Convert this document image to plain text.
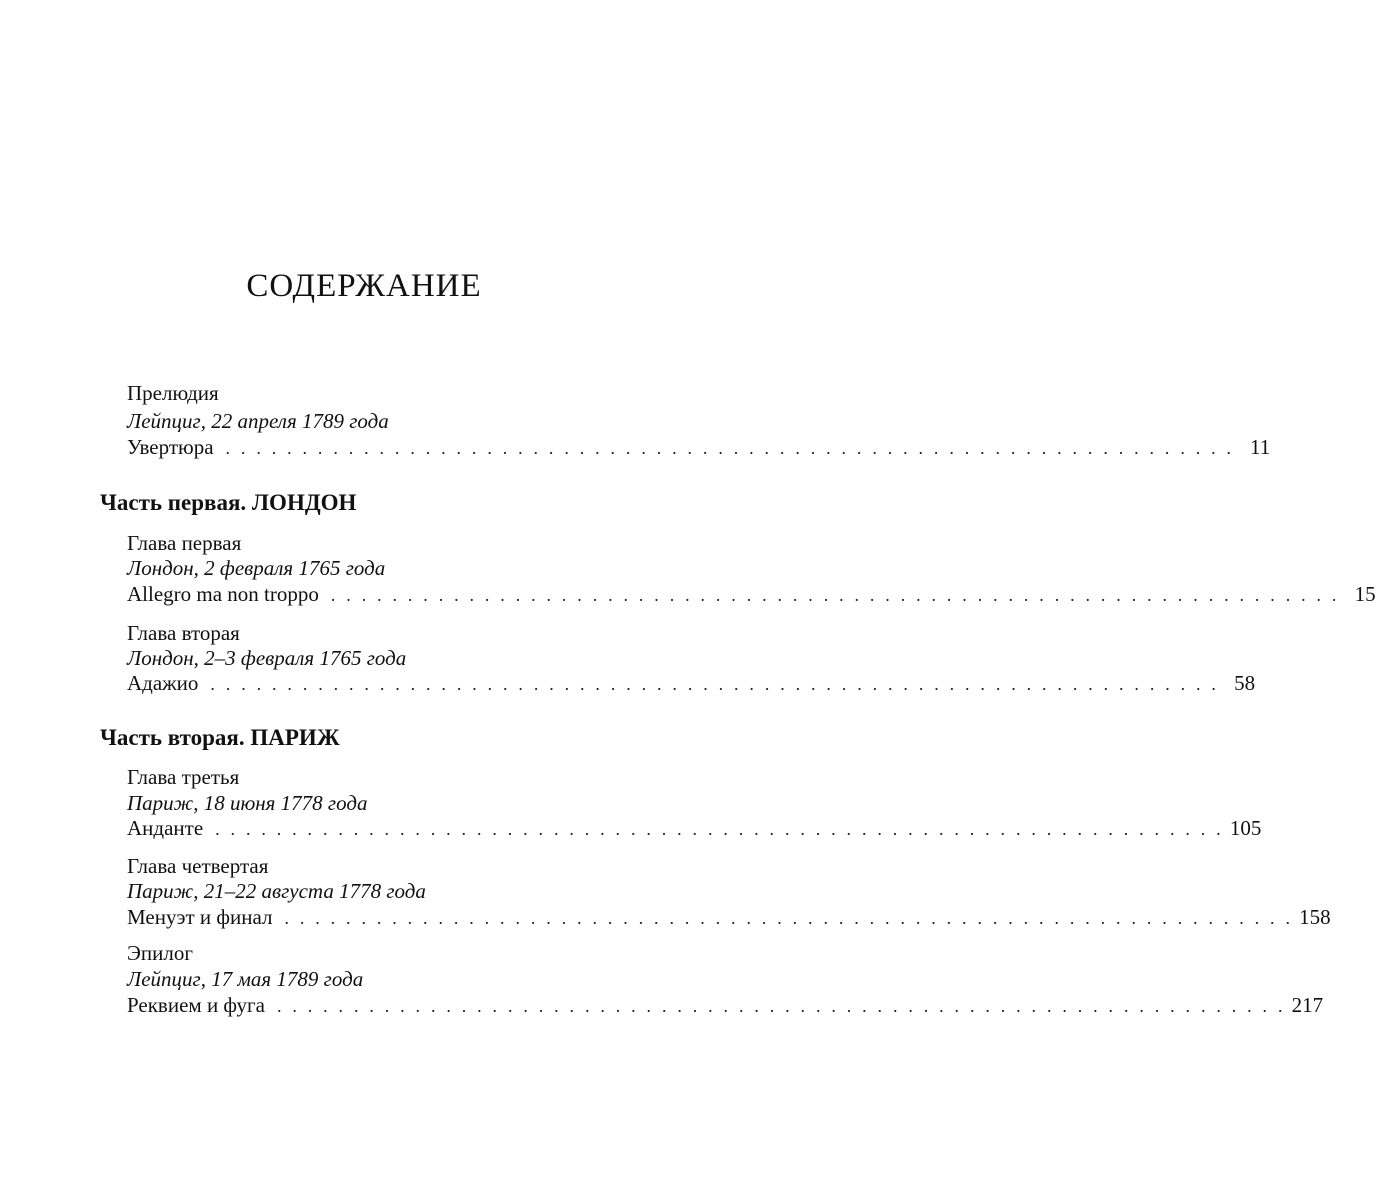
СОДЕРЖАНИЕ
Прелюдия
Лейпциг, 22 апреля 1789 года
Увертюра . . . . . . . . . . . . . . . . . . . . . . . . . . . . . . . . . . . . . . . . . . . . . . . . . . . . . . . . . . . . . . . . . . 11
Часть первая. ЛОНДОН
Глава первая
Лондон, 2 февраля 1765 года
Allegro ma non troppo . . . . . . . . . . . . . . . . . . . . . . . . . . . . . . . . . . . . . . . . . . . . . . . . . . . . . . . . . . . . . . . . . . 15
Глава вторая
Лондон, 2–3 февраля 1765 года
Адажио . . . . . . . . . . . . . . . . . . . . . . . . . . . . . . . . . . . . . . . . . . . . . . . . . . . . . . . . . . . . . . . . . . 58
Часть вторая. ПАРИЖ
Глава третья
Париж, 18 июня 1778 года
Анданте . . . . . . . . . . . . . . . . . . . . . . . . . . . . . . . . . . . . . . . . . . . . . . . . . . . . . . . . . . . . . . . . . . 105
Глава четвертая
Париж, 21–22 августа 1778 года
Менуэт и финал . . . . . . . . . . . . . . . . . . . . . . . . . . . . . . . . . . . . . . . . . . . . . . . . . . . . . . . . . . . . . . . . . . 158
Эпилог
Лейпциг, 17 мая 1789 года
Реквием и фуга . . . . . . . . . . . . . . . . . . . . . . . . . . . . . . . . . . . . . . . . . . . . . . . . . . . . . . . . . . . . . . . . . . 217
